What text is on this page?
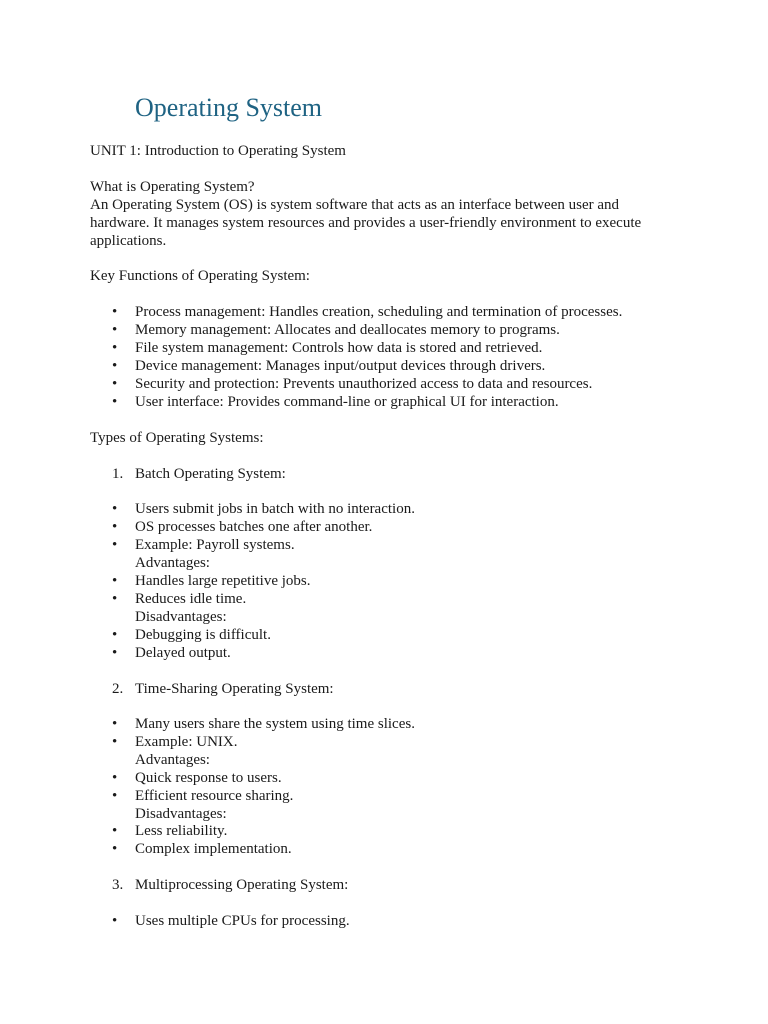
Operating System

UNIT 1: Introduction to Operating System

What is Operating System?

An Operating System (OS) is system software that acts as an interface between user and
hardware. It manages system resources and provides a user-friendly environment to execute
applications.

Key Functions of Operating System:

•	Process management: Handles creation, scheduling and termination of processes.
•	Memory management: Allocates and deallocates memory to programs.
•	File system management: Controls how data is stored and retrieved.
•	Device management: Manages input/output devices through drivers.
•	Security and protection: Prevents unauthorized access to data and resources.
•	User interface: Provides command-line or graphical UI for interaction.

Types of Operating Systems:

1. Batch Operating System:
•	Users submit jobs in batch with no interaction.
•	OS processes batches one after another.
•	Example: Payroll systems.
Advantages:
•	Handles large repetitive jobs.
•	Reduces idle time.
Disadvantages:
•	Debugging is difficult.
•	Delayed output.
2. Time-Sharing Operating System:
•	Many users share the system using time slices.
•	Example: UNIX.
Advantages:
•	Quick response to users.
•	Efficient resource sharing.
Disadvantages:
•	Less reliability.
•	Complex implementation.
3. Multiprocessing Operating System:
•	Uses multiple CPUs for processing.
